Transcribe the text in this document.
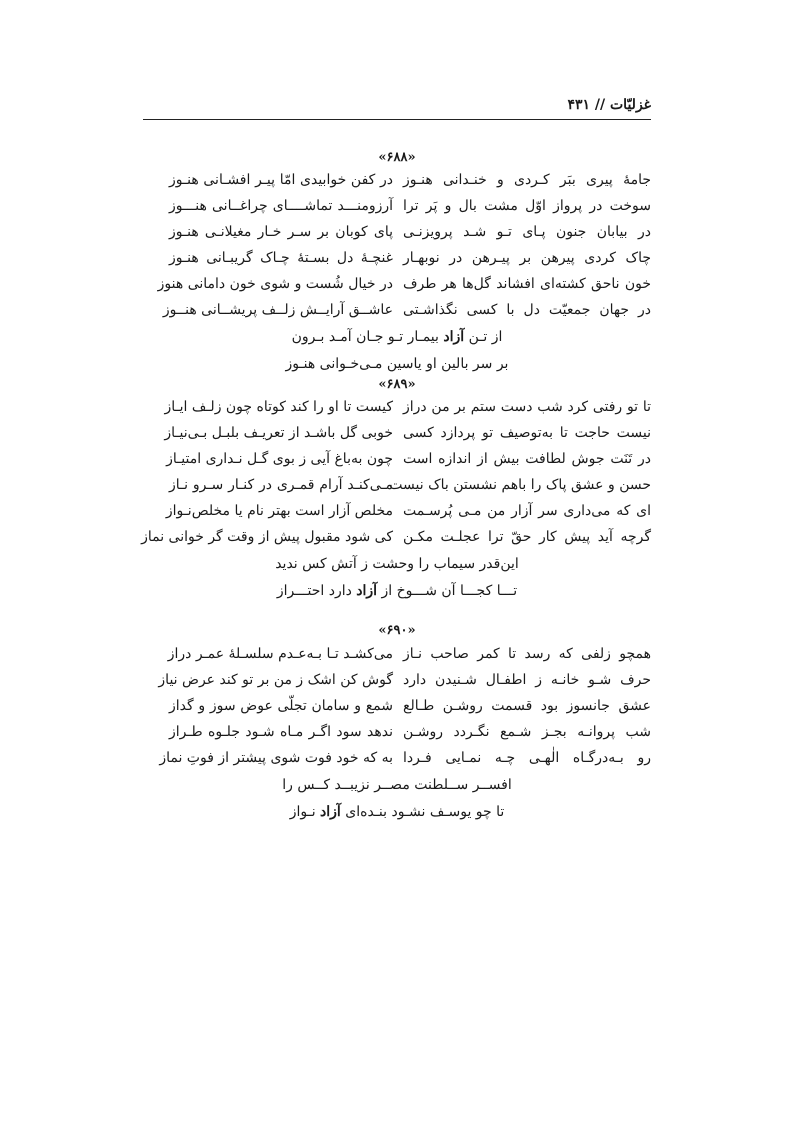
غزلیّات // ۴۳۱
«۶۸۸»
جامهٔ پیری ببَر کـردی و خنـدانی هنـوز
در کفن خوابیدی امّا پیـر افشـانی هنـوز
سوخت در پرواز اوّل مشت بال و پَر ترا
آرزومنـــد تماشــــای چراغــانی هنـــوز
در بیابان جنون پـای تـو شـد پرویزنـی
پای کوبان بر سـر خـار مغیلانـی هنـوز
چاک کردی پیرهن بر پیـرهن در نوبهـار
غنچـهٔ دل بسـتهٔ چـاک گریبـانی هنـوز
خون ناحق کشته‌ای افشاند گل‌ها هر طرف
در خیال شُست و شوی خون دامانی هنوز
در جهان جمعیّت دل با کسی نگذاشـتی
عاشــق آرایــش زلــف پریشــانی هنــوز
از تـن آزاد بیمـار تـو جـان آمـد بـرون
بر سر بالین او یاسین مـی‌خـوانی هنـوز
«۶۸۹»
تا تو رفتی کرد شب دست ستم بر من دراز
کیست تا او را کند کوتاه چون زلـف ایـاز
نیست حاجت تا به‌توصیف تو پردازد کسی
خوبی گل باشـد از تعریـف بلبـل بـی‌نیـاز
در تَنَت جوش لطافت بیش از اندازه است
چون به‌باغ آیی ز بوی گـل نـداری امتیـاز
حسن و عشق پاک را باهم نشستن باک نیست
مـی‌کنـد آرام قمـری در کنـار سـرو نـاز
ای که می‌داری سر آزار من مـی پُرسـمت
مخلص آزار است بهتر نام یا مخلص‌نـواز
گرچه آید پیش کار حقّ ترا عجلـت مکـن
کی شود مقبول پیش از وقت گر خوانی نماز
این‌قدر سیماب را وحشت ز آتش کس ندید
تـــا کجـــا آن شـــوخ از آزاد دارد احتـــراز
«۶۹۰»
همچو زلفی که رسد تا کمر صاحب نـاز
می‌کشـد تـا بـه‌عـدم سلسـلهٔ عمـر دراز
حرف شـو خانـه ز اطفـال شـنیدن دارد
گوش کن اشک ز من بر تو کند عرض نیاز
عشق جانسوز بود قسمت روشـن طـالع
شمع و سامان تجلّی عوض سوز و گداز
شب پروانـه بجـز شـمع نگـردد روشـن
ندهد سود اگـر مـاه شـود جلـوه طـراز
رو بـه‌درگـاه الٰهـی چـه نمـایی فـردا
به که خود فوت شوی پیشتر از فوتِ نماز
افســر ســلطنت مصــر نزیبــد کــس را
تا چو یوسـف نشـود بنـده‌ای آزاد نـواز
